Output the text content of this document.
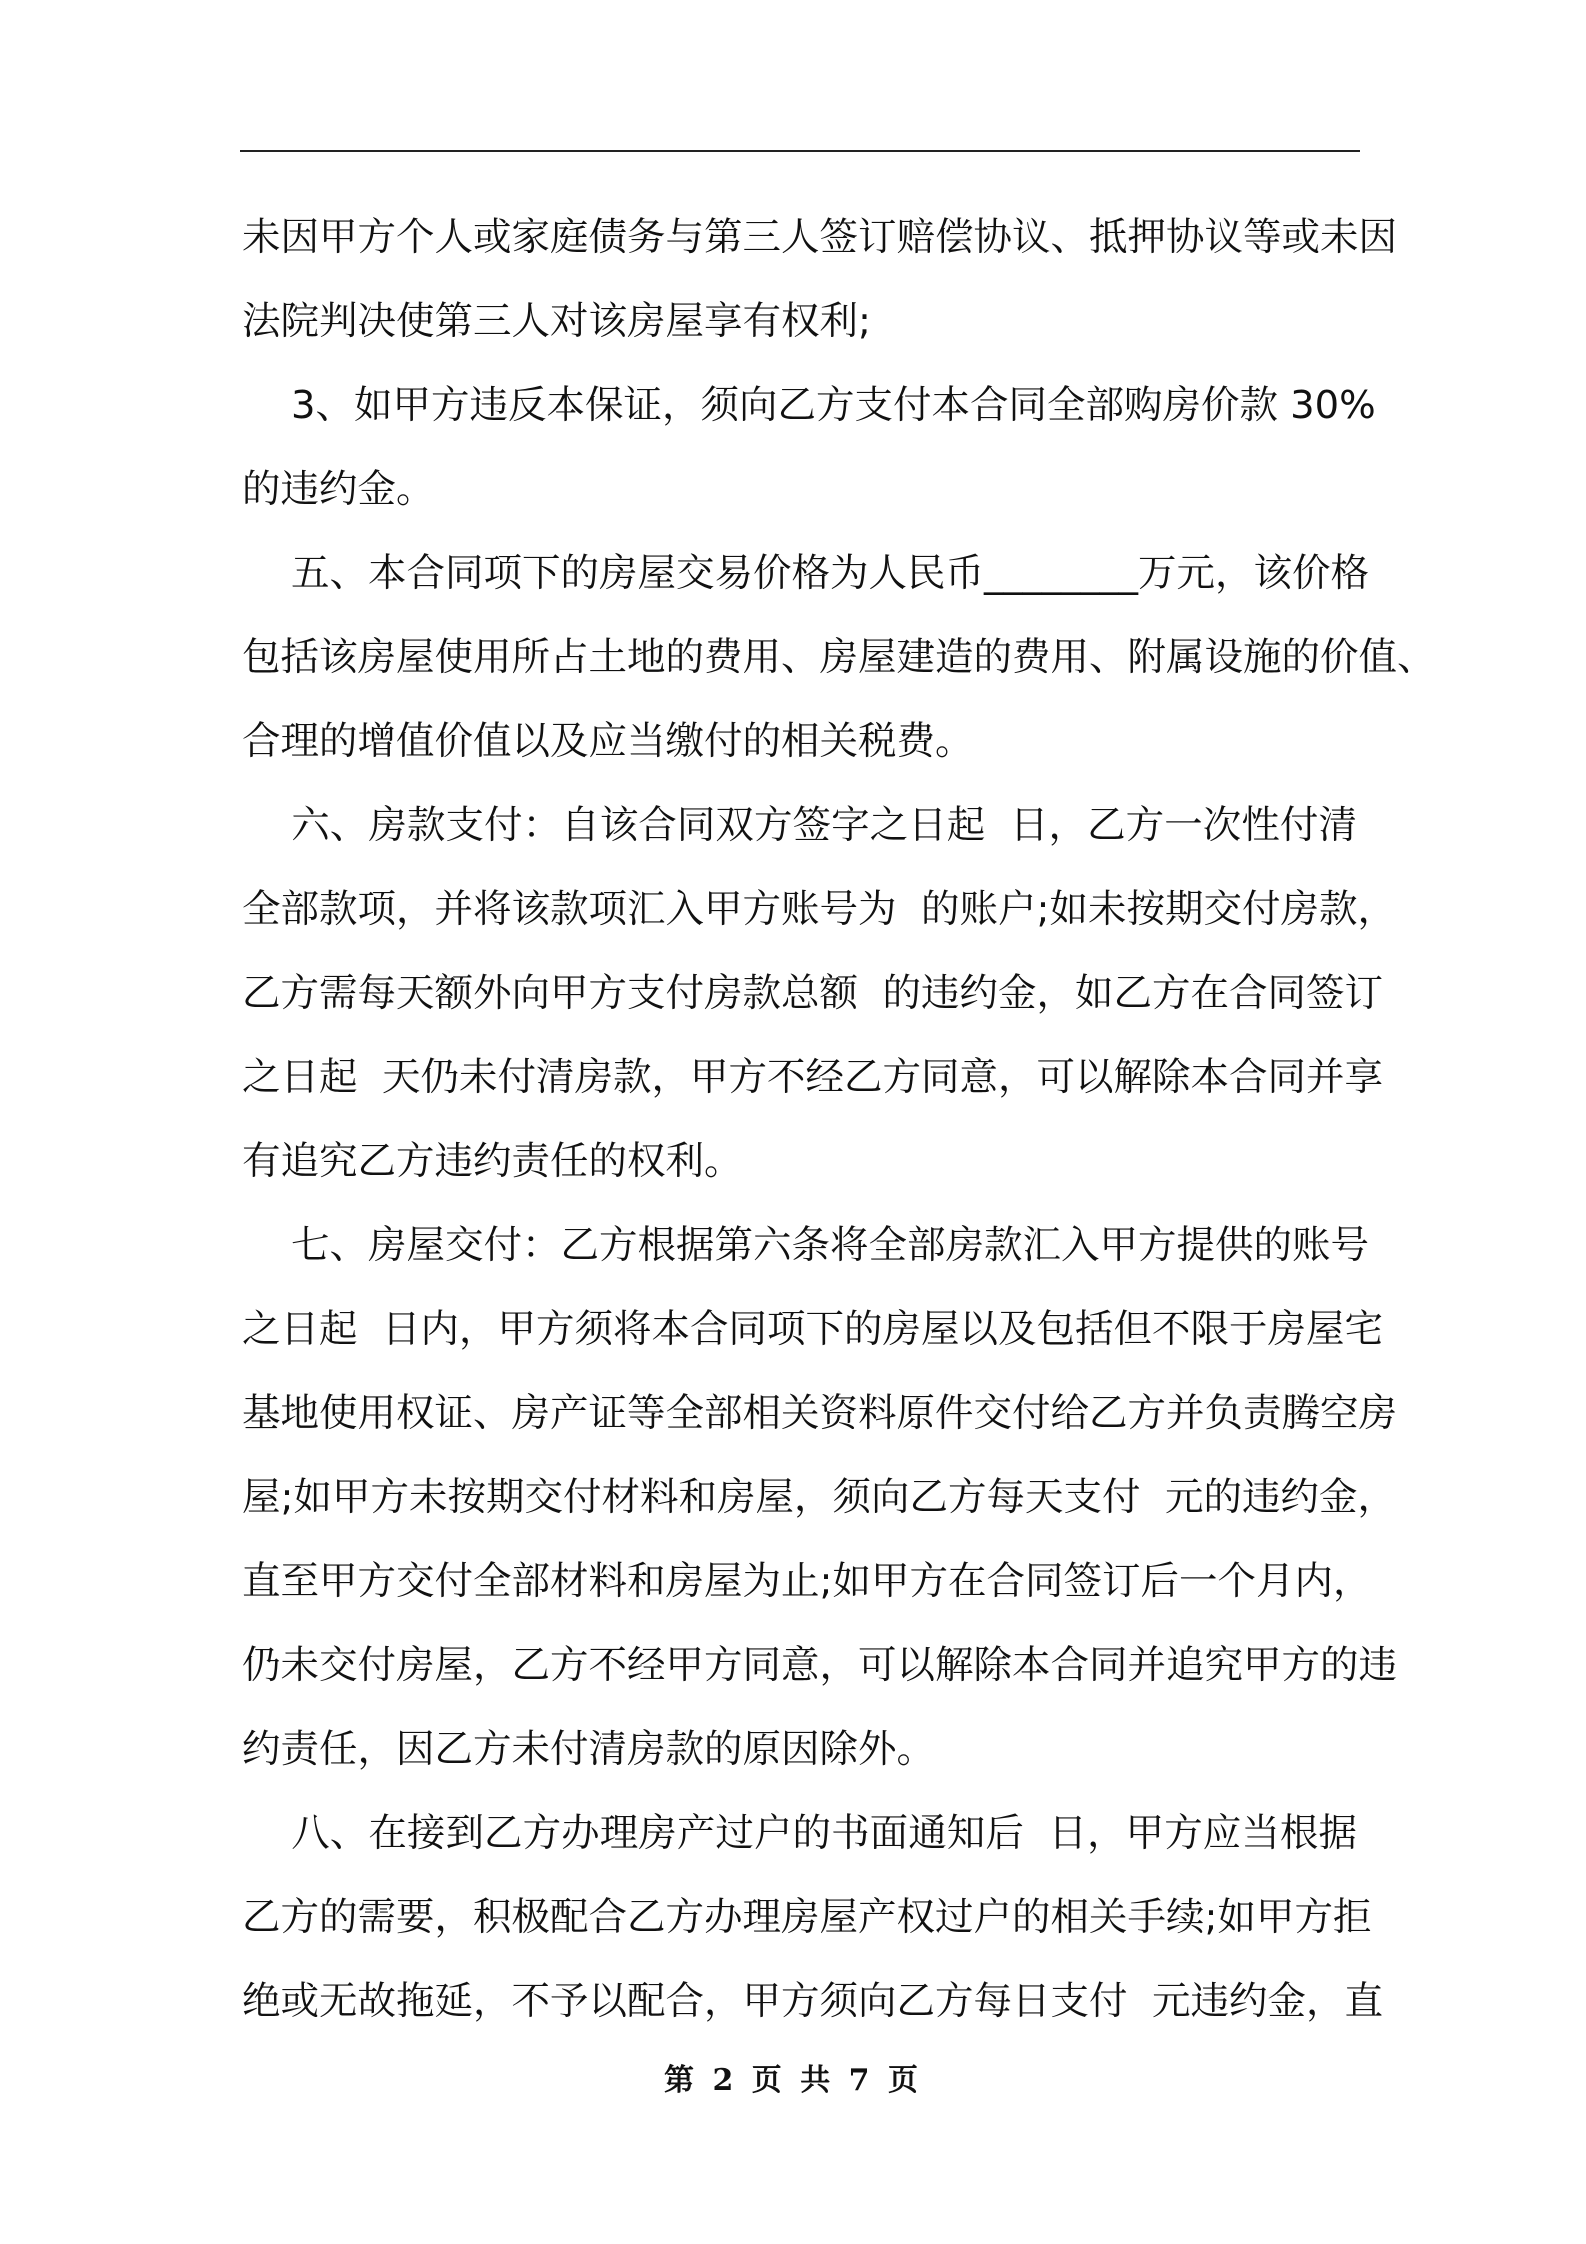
未因甲方个人或家庭债务与第三人签订赔偿协议、抵押协议等或未因
法院判决使第三人对该房屋享有权利;
3、如甲方违反本保证，须向乙方支付本合同全部购房价款 30%
的违约金。
五、本合同项下的房屋交易价格为人民币________万元，该价格
包括该房屋使用所占土地的费用、房屋建造的费用、附属设施的价值、
合理的增值价值以及应当缴付的相关税费。
六、房款支付：自该合同双方签字之日起  日，乙方一次性付清
全部款项，并将该款项汇入甲方账号为  的账户;如未按期交付房款，
乙方需每天额外向甲方支付房款总额  的违约金，如乙方在合同签订
之日起  天仍未付清房款，甲方不经乙方同意，可以解除本合同并享
有追究乙方违约责任的权利。
七、房屋交付：乙方根据第六条将全部房款汇入甲方提供的账号
之日起  日内，甲方须将本合同项下的房屋以及包括但不限于房屋宅
基地使用权证、房产证等全部相关资料原件交付给乙方并负责腾空房
屋;如甲方未按期交付材料和房屋，须向乙方每天支付  元的违约金，
直至甲方交付全部材料和房屋为止;如甲方在合同签订后一个月内，
仍未交付房屋，乙方不经甲方同意，可以解除本合同并追究甲方的违
约责任，因乙方未付清房款的原因除外。
八、在接到乙方办理房产过户的书面通知后  日，甲方应当根据
乙方的需要，积极配合乙方办理房屋产权过户的相关手续;如甲方拒
绝或无故拖延，不予以配合，甲方须向乙方每日支付  元违约金，直
第 2 页 共 7 页
